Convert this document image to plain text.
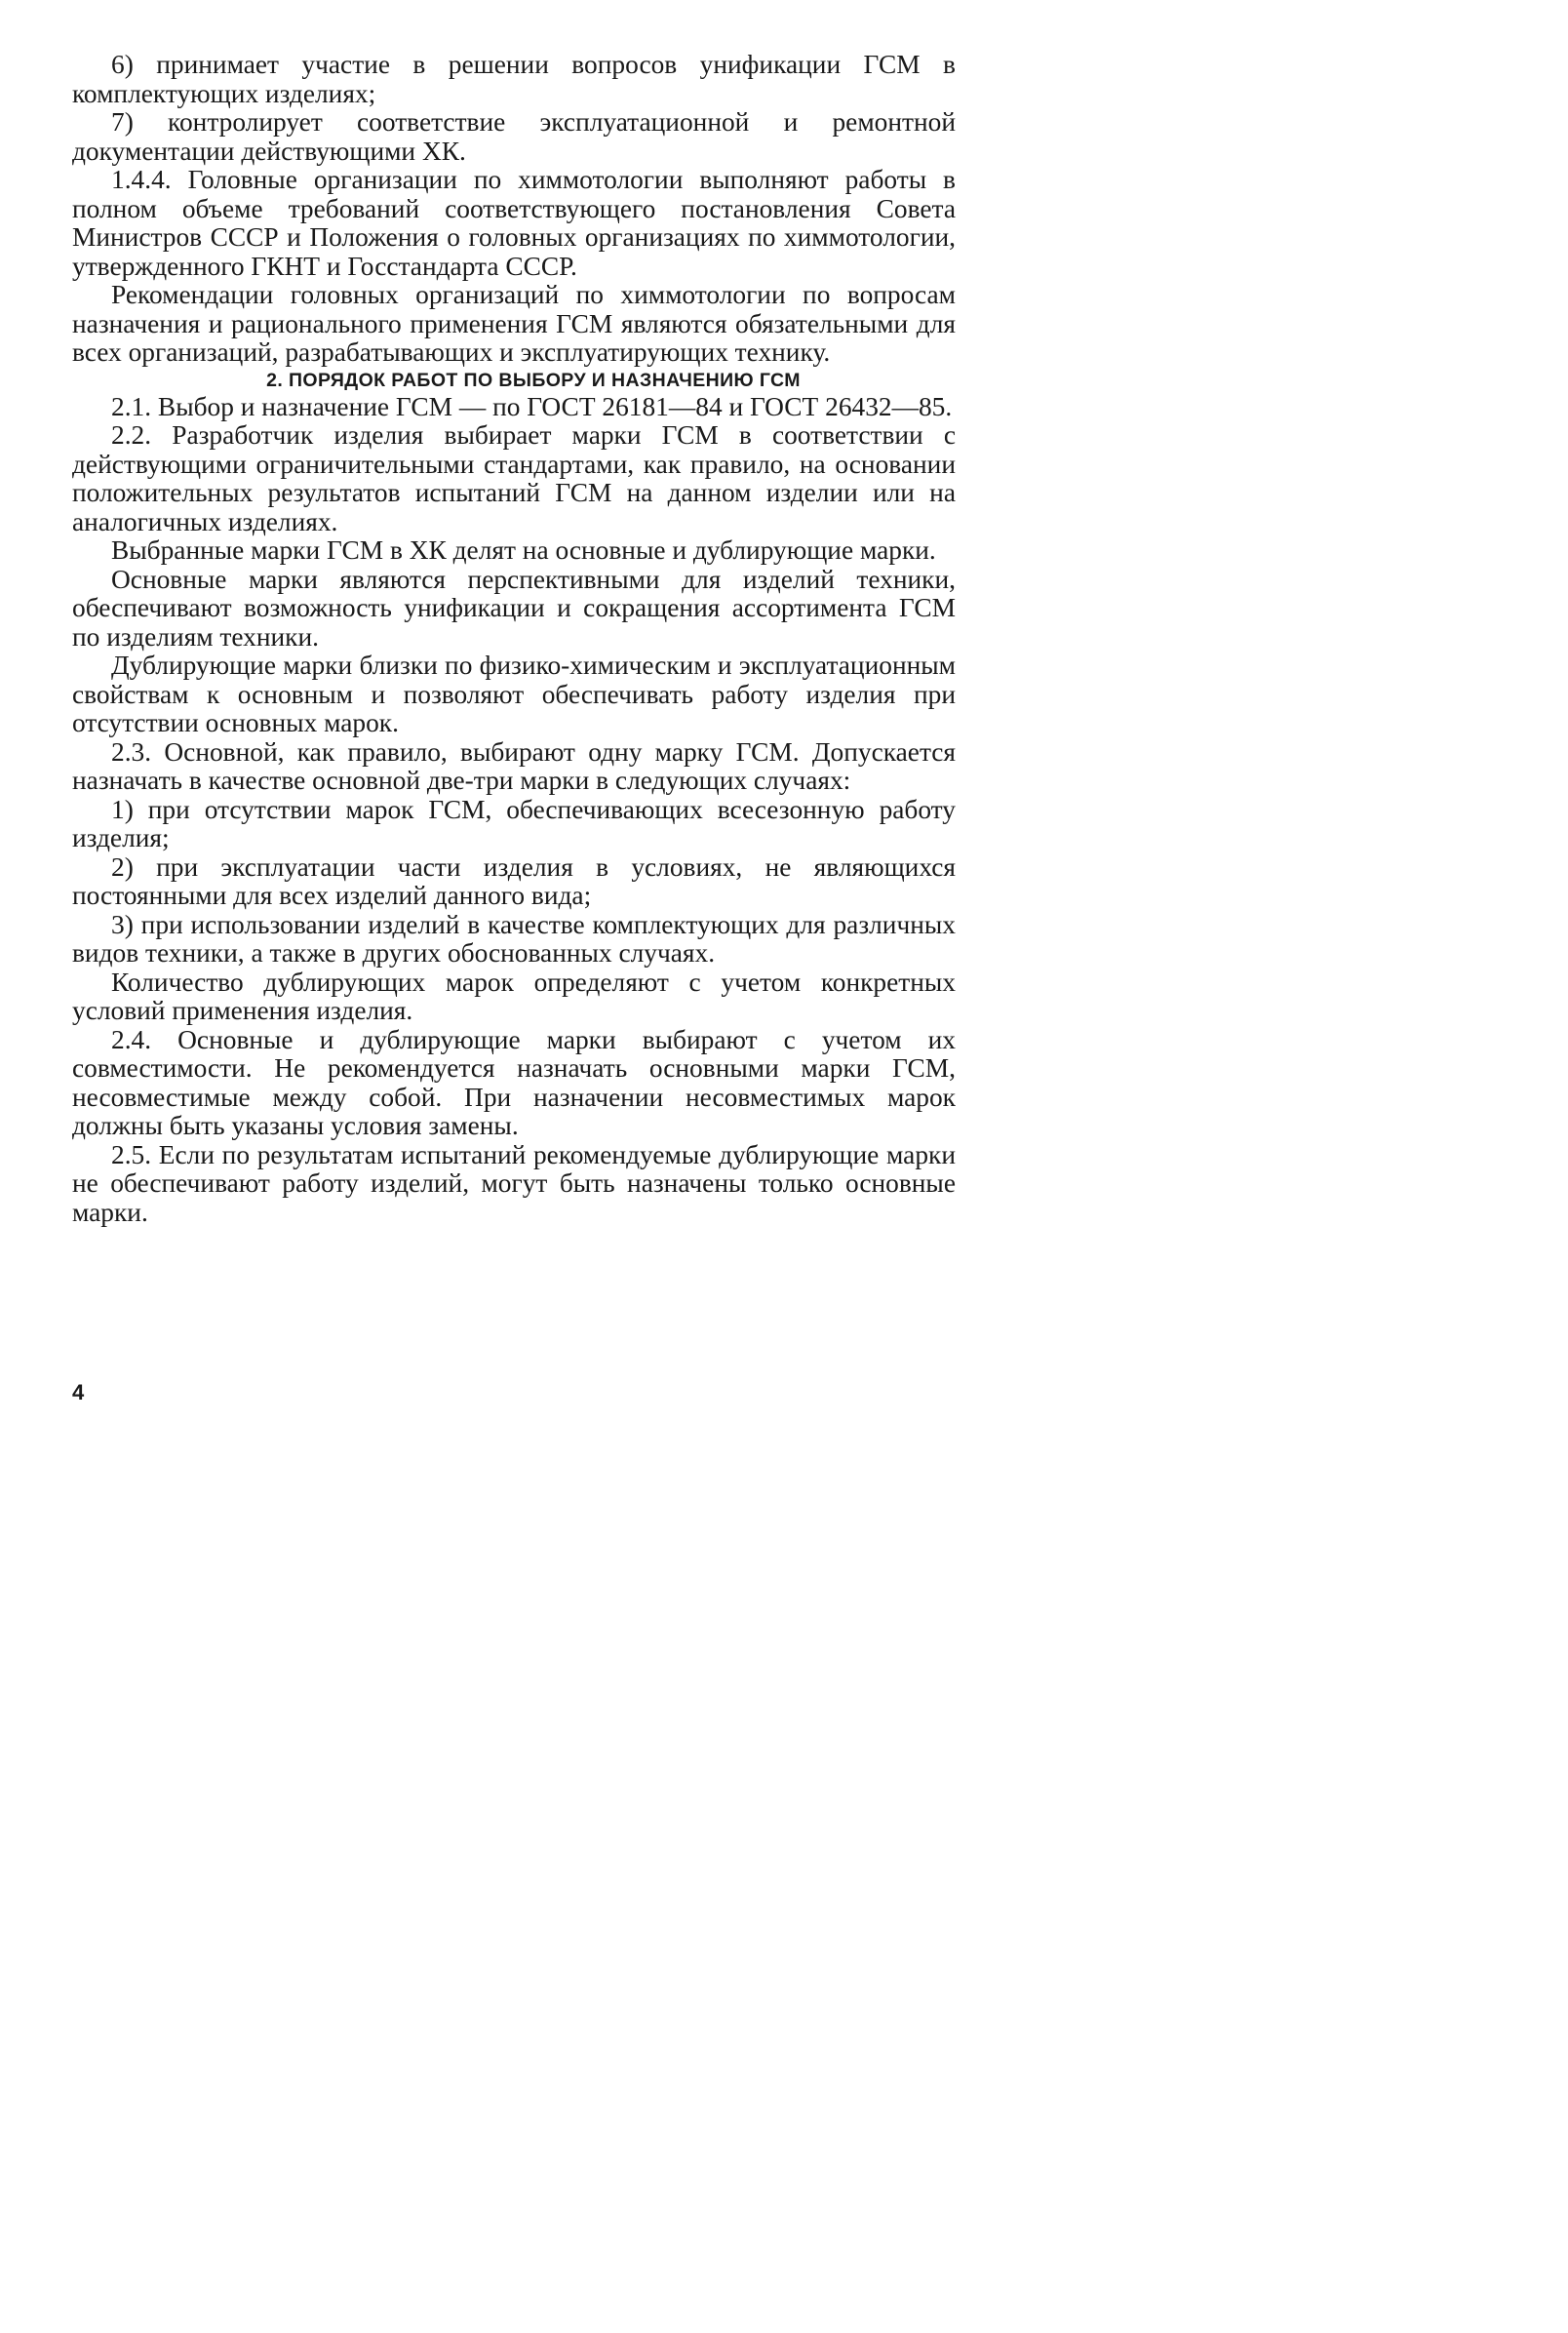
6) принимает участие в решении вопросов унификации ГСМ в комплектующих изделиях;

7) контролирует соответствие эксплуатационной и ремонтной документации действующими ХК.

1.4.4. Головные организации по химмотологии выполняют работы в полном объеме требований соответствующего постановления Совета Министров СССР и Положения о головных организациях по химмотологии, утвержденного ГКНТ и Госстандарта СССР.

Рекомендации головных организаций по химмотологии по вопросам назначения и рационального применения ГСМ являются обязательными для всех организаций, разрабатывающих и эксплуатирующих технику.

2. ПОРЯДОК РАБОТ ПО ВЫБОРУ И НАЗНАЧЕНИЮ ГСМ

2.1. Выбор и назначение ГСМ — по ГОСТ 26181—84 и ГОСТ 26432—85.

2.2. Разработчик изделия выбирает марки ГСМ в соответствии с действующими ограничительными стандартами, как правило, на основании положительных результатов испытаний ГСМ на данном изделии или на аналогичных изделиях.

Выбранные марки ГСМ в ХК делят на основные и дублирующие марки.

Основные марки являются перспективными для изделий техники, обеспечивают возможность унификации и сокращения ассортимента ГСМ по изделиям техники.

Дублирующие марки близки по физико-химическим и эксплуатационным свойствам к основным и позволяют обеспечивать работу изделия при отсутствии основных марок.

2.3. Основной, как правило, выбирают одну марку ГСМ. Допускается назначать в качестве основной две-три марки в следующих случаях:

1) при отсутствии марок ГСМ, обеспечивающих всесезонную работу изделия;

2) при эксплуатации части изделия в условиях, не являющихся постоянными для всех изделий данного вида;

3) при использовании изделий в качестве комплектующих для различных видов техники, а также в других обоснованных случаях.

Количество дублирующих марок определяют с учетом конкретных условий применения изделия.

2.4. Основные и дублирующие марки выбирают с учетом их совместимости. Не рекомендуется назначать основными марки ГСМ, несовместимые между собой. При назначении несовместимых марок должны быть указаны условия замены.

2.5. Если по результатам испытаний рекомендуемые дублирующие марки не обеспечивают работу изделий, могут быть назначены только основные марки.

4
